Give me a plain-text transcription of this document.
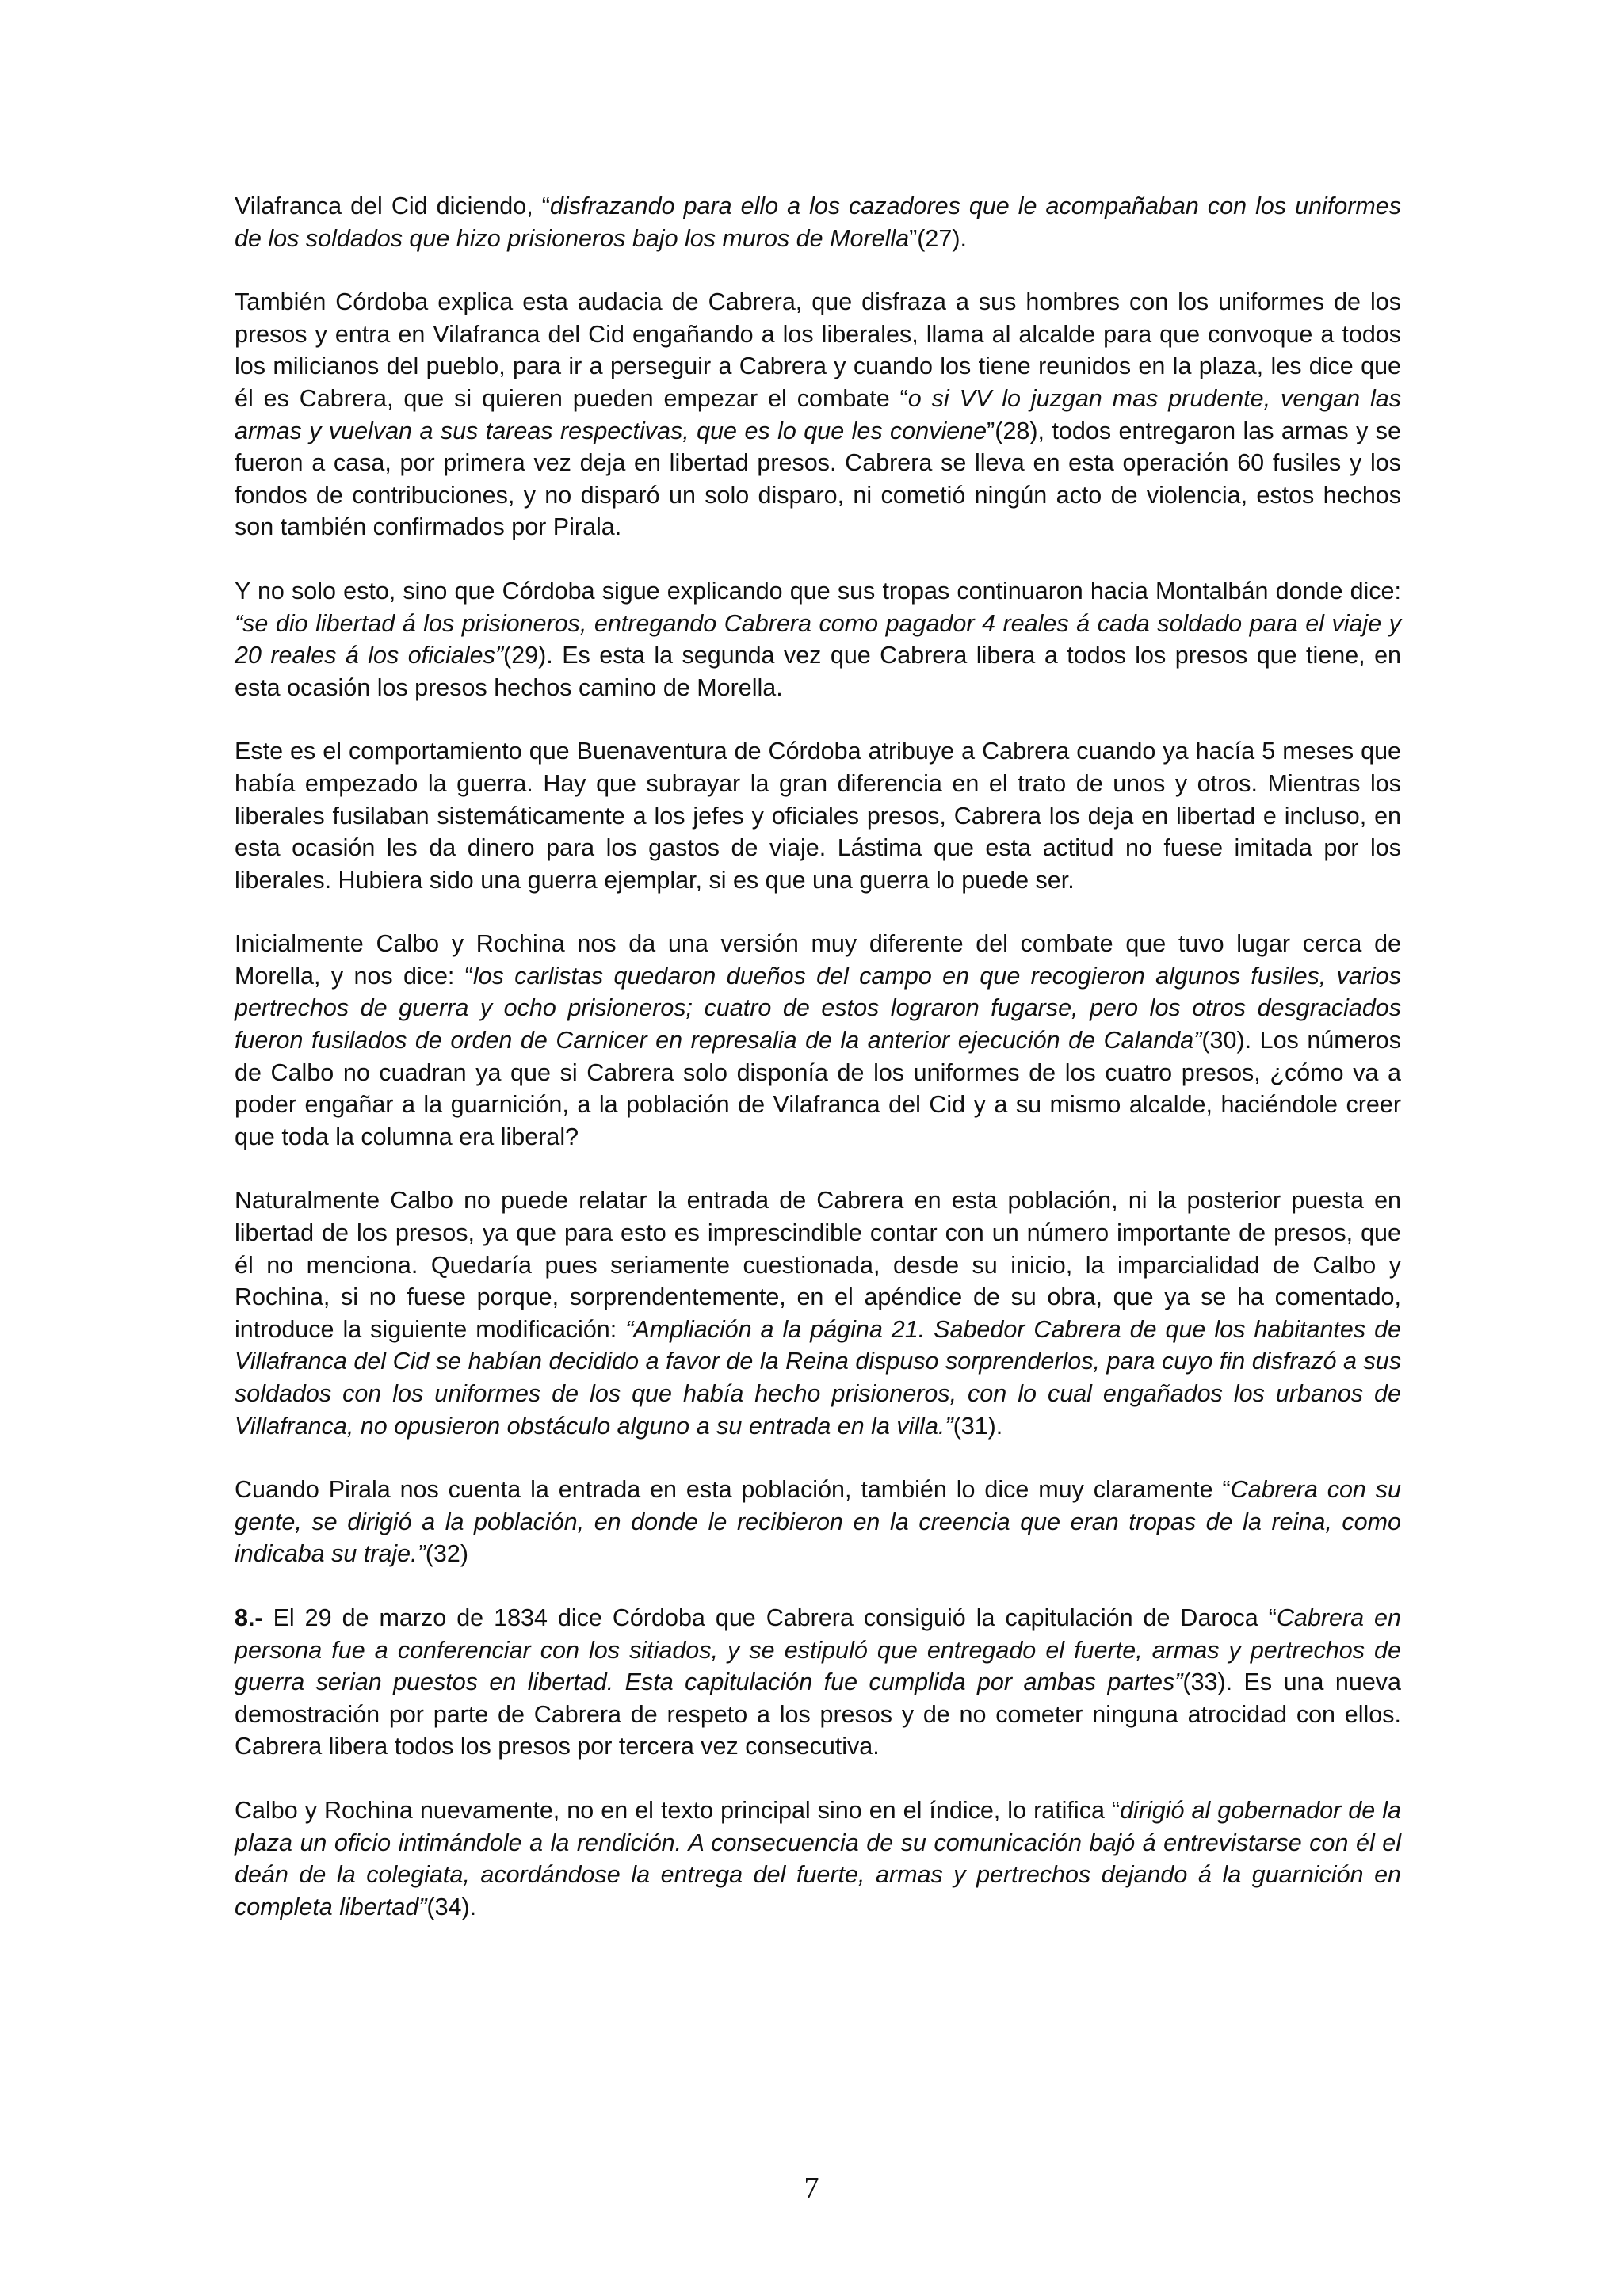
Vilafranca del Cid diciendo, “disfrazando para ello a los cazadores que le acompañaban con los uniformes de los soldados que hizo prisioneros bajo los muros de Morella”(27).

También Córdoba explica esta audacia de Cabrera, que disfraza a sus hombres con los uniformes de los presos y entra en Vilafranca del Cid engañando a los liberales, llama al alcalde para que convoque a todos los milicianos del pueblo, para ir a perseguir a Cabrera y cuando los tiene reunidos en la plaza, les dice que él es Cabrera, que si quieren pueden empezar el combate “o si VV lo juzgan mas prudente, vengan las armas y vuelvan a sus tareas respectivas, que es lo que les conviene”(28), todos entregaron las armas y se fueron a casa, por primera vez deja en libertad presos. Cabrera se lleva en esta operación 60 fusiles y los fondos de contribuciones, y no disparó un solo disparo, ni cometió ningún acto de violencia, estos hechos son también confirmados por Pirala.

Y no solo esto, sino que Córdoba sigue explicando que sus tropas continuaron hacia Montalbán donde dice: “se dio libertad á los prisioneros, entregando Cabrera como pagador 4 reales á cada soldado para el viaje y 20 reales á los oficiales”(29). Es esta la segunda vez que Cabrera libera a todos los presos que tiene, en esta ocasión los presos hechos camino de Morella.

Este es el comportamiento que Buenaventura de Córdoba atribuye a Cabrera cuando ya hacía 5 meses que había empezado la guerra. Hay que subrayar la gran diferencia en el trato de unos y otros. Mientras los liberales fusilaban sistemáticamente a los jefes y oficiales presos, Cabrera los deja en libertad e incluso, en esta ocasión les da dinero para los gastos de viaje. Lástima que esta actitud no fuese imitada por los liberales. Hubiera sido una guerra ejemplar, si es que una guerra lo puede ser.

Inicialmente Calbo y Rochina nos da una versión muy diferente del combate que tuvo lugar cerca de Morella, y nos dice: “los carlistas quedaron dueños del campo en que recogieron algunos fusiles, varios pertrechos de guerra y ocho prisioneros; cuatro de estos lograron fugarse, pero los otros desgraciados fueron fusilados de orden de Carnicer en represalia de la anterior ejecución de Calanda”(30). Los números de Calbo no cuadran ya que si Cabrera solo disponía de los uniformes de los cuatro presos, ¿cómo va a poder engañar a la guarnición, a la población de Vilafranca del Cid y a su mismo alcalde, haciéndole creer que toda la columna era liberal?

Naturalmente Calbo no puede relatar la entrada de Cabrera en esta población, ni la posterior puesta en libertad de los presos, ya que para esto es imprescindible contar con un número importante de presos, que él no menciona. Quedaría pues seriamente cuestionada, desde su inicio, la imparcialidad de Calbo y Rochina, si no fuese porque, sorprendentemente, en el apéndice de su obra, que ya se ha comentado, introduce la siguiente modificación: “Ampliación a la página 21. Sabedor Cabrera de que los habitantes de Villafranca del Cid se habían decidido a favor de la Reina dispuso sorprenderlos, para cuyo fin disfrazó a sus soldados con los uniformes de los que había hecho prisioneros, con lo cual engañados los urbanos de Villafranca, no opusieron obstáculo alguno a su entrada en la villa.”(31).

Cuando Pirala nos cuenta la entrada en esta población, también lo dice muy claramente “Cabrera con su gente, se dirigió a la población, en donde le recibieron en la creencia que eran tropas de la reina, como indicaba su traje.”(32)

8.- El 29 de marzo de 1834 dice Córdoba que Cabrera consiguió la capitulación de Daroca “Cabrera en persona fue a conferenciar con los sitiados, y se estipuló que entregado el fuerte, armas y pertrechos de guerra serian puestos en libertad. Esta capitulación fue cumplida por ambas partes”(33). Es una nueva demostración por parte de Cabrera de respeto a los presos y de no cometer ninguna atrocidad con ellos. Cabrera libera todos los presos por tercera vez consecutiva.

Calbo y Rochina nuevamente, no en el texto principal sino en el índice, lo ratifica “dirigió al gobernador de la plaza un oficio intimándole a la rendición. A consecuencia de su comunicación bajó á entrevistarse con él el deán de la colegiata, acordándose la entrega del fuerte, armas y pertrechos dejando á la guarnición en completa libertad”(34).

7
